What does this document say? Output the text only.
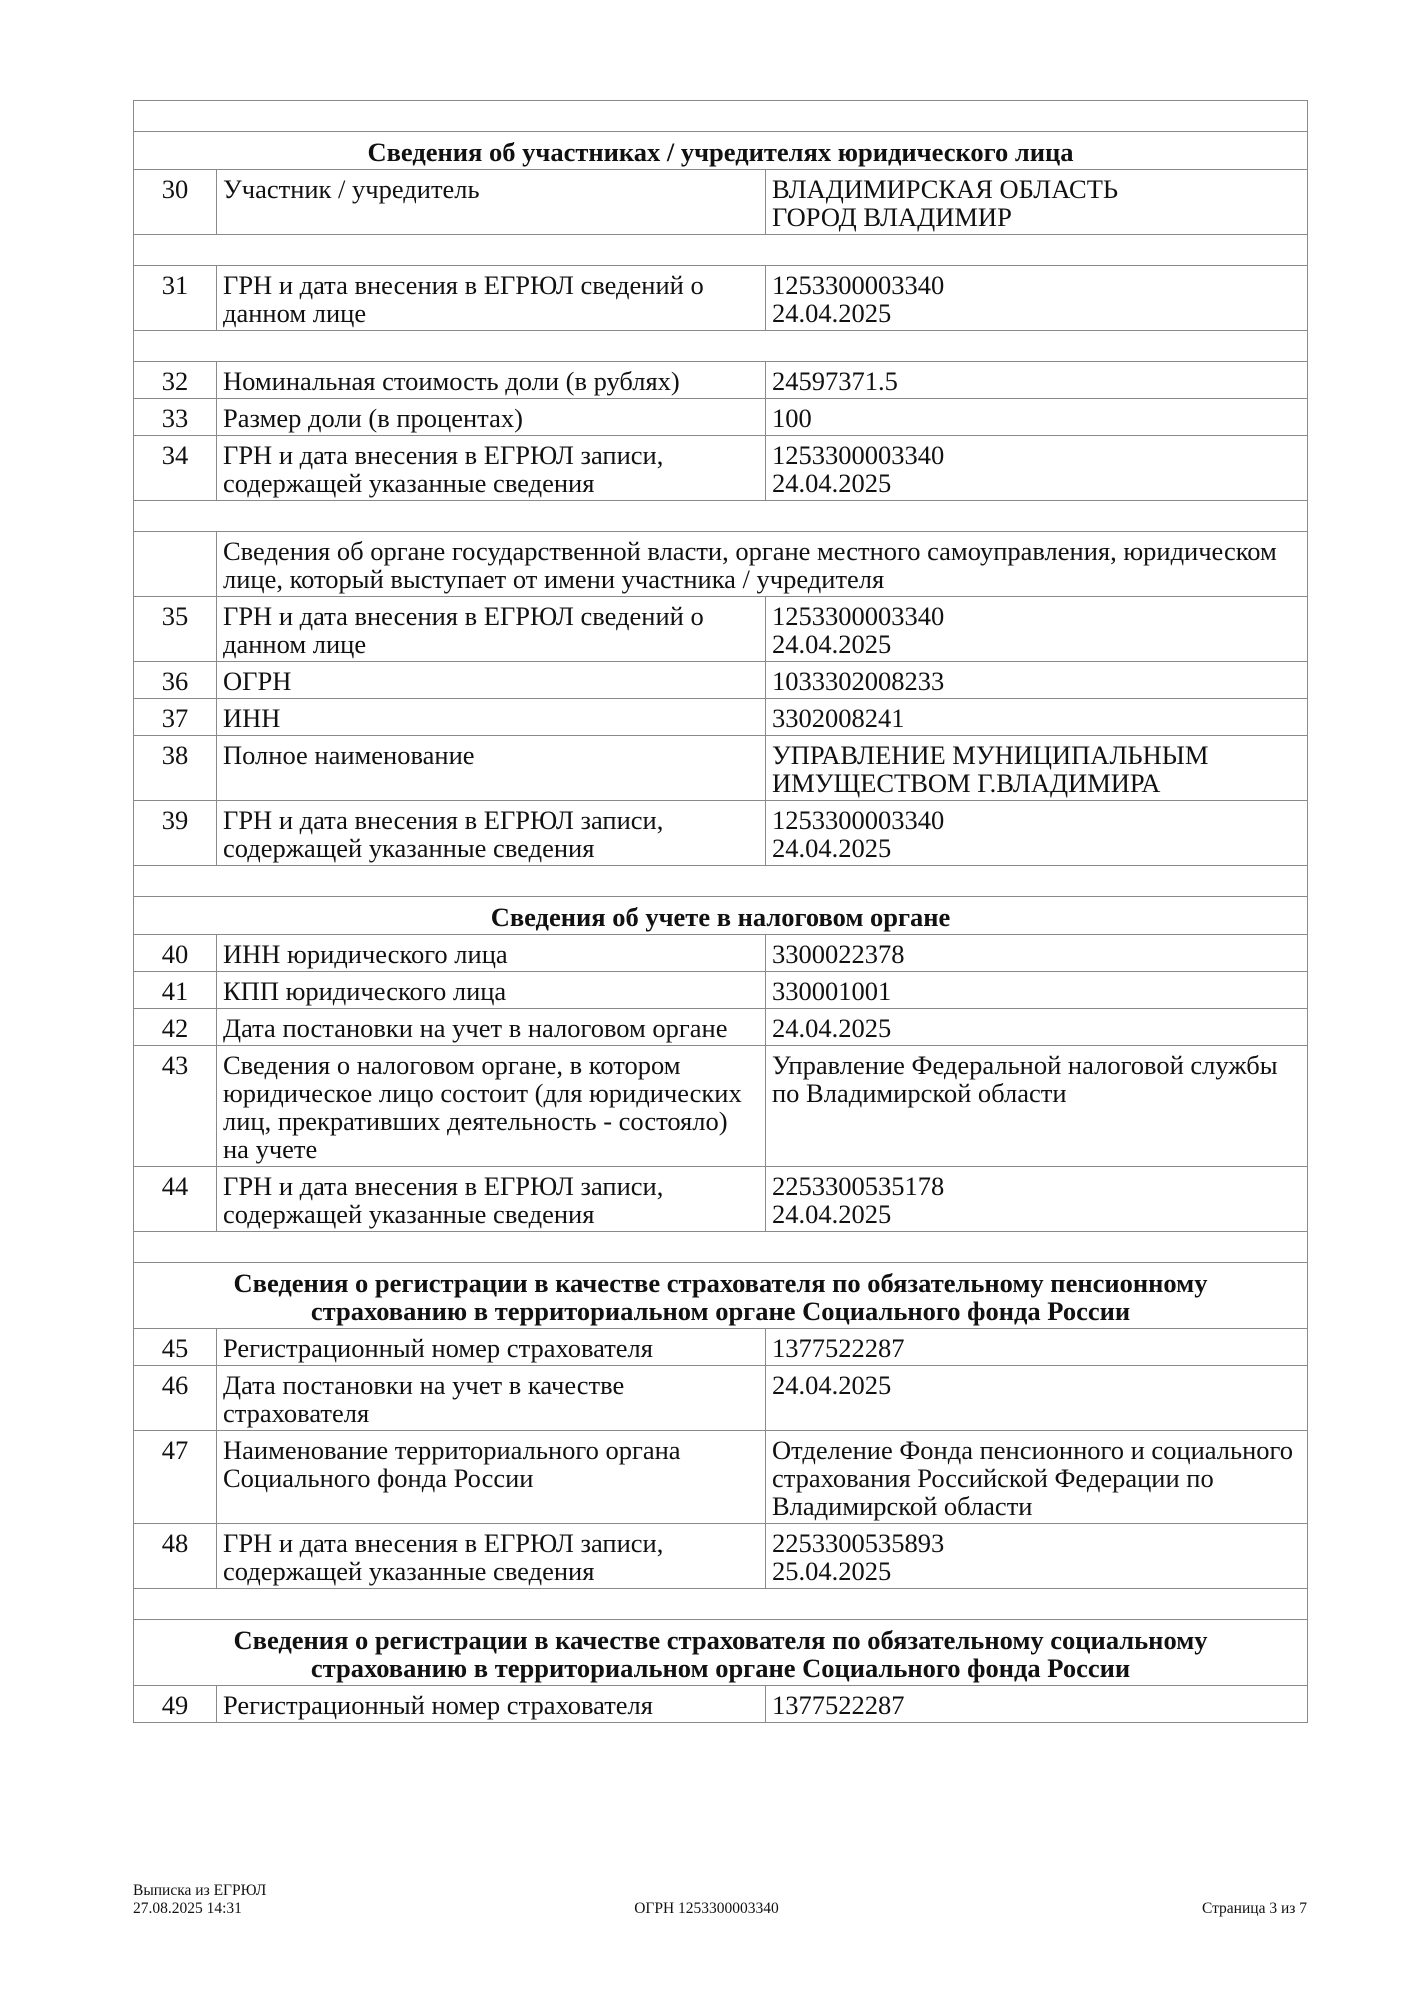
Сведения об участниках / учредителях юридического лица		
30	Участник / учредитель	ВЛАДИМИРСКАЯ ОБЛАСТЬ
ГОРОД ВЛАДИМИР

31	ГРН и дата внесения в ЕГРЮЛ сведений о данном лице	1253300003340
24.04.2025

32	Номинальная стоимость доли (в рублях)	24597371.5

33	Размер доли (в процентах)	100

34	ГРН и дата внесения в ЕГРЮЛ записи, содержащей указанные сведения	1253300003340
24.04.2025

	Сведения об органе государственной власти, органе местного самоуправления, юридическом лице, который выступает от имени участника / учредителя	
35	ГРН и дата внесения в ЕГРЮЛ сведений о данном лице	1253300003340
24.04.2025

36	ОГРН	1033302008233

37	ИНН	3302008241

38	Полное наименование	УПРАВЛЕНИЕ МУНИЦИПАЛЬНЫМ
ИМУЩЕСТВОМ Г.ВЛАДИМИРА

39	ГРН и дата внесения в ЕГРЮЛ записи, содержащей указанные сведения	1253300003340
24.04.2025

Сведения об учете в налоговом органе		
40	ИНН юридического лица	3300022378

41	КПП юридического лица	330001001

42	Дата постановки на учет в налоговом органе	24.04.2025

43	Сведения о налоговом органе, в котором юридическое лицо состоит (для юридических лиц, прекративших деятельность - состояло) на учете	Управление Федеральной налоговой службы по Владимирской области

44	ГРН и дата внесения в ЕГРЮЛ записи, содержащей указанные сведения	2253300535178
24.04.2025

Сведения о регистрации в качестве страхователя по обязательному пенсионному страхованию в территориальном органе Социального фонда России		
45	Регистрационный номер страхователя	1377522287

46	Дата постановки на учет в качестве страхователя	24.04.2025

47	Наименование территориального органа Социального фонда России	Отделение Фонда пенсионного и социального страхования Российской Федерации по Владимирской области

48	ГРН и дата внесения в ЕГРЮЛ записи, содержащей указанные сведения	2253300535893
25.04.2025

Сведения о регистрации в качестве страхователя по обязательному социальному страхованию в территориальном органе Социального фонда России		
49	Регистрационный номер страхователя	1377522287
Выписка из ЕГРЮЛ
27.08.2025 14:31	ОГРН 1253300003340	Страница 3 из 7
